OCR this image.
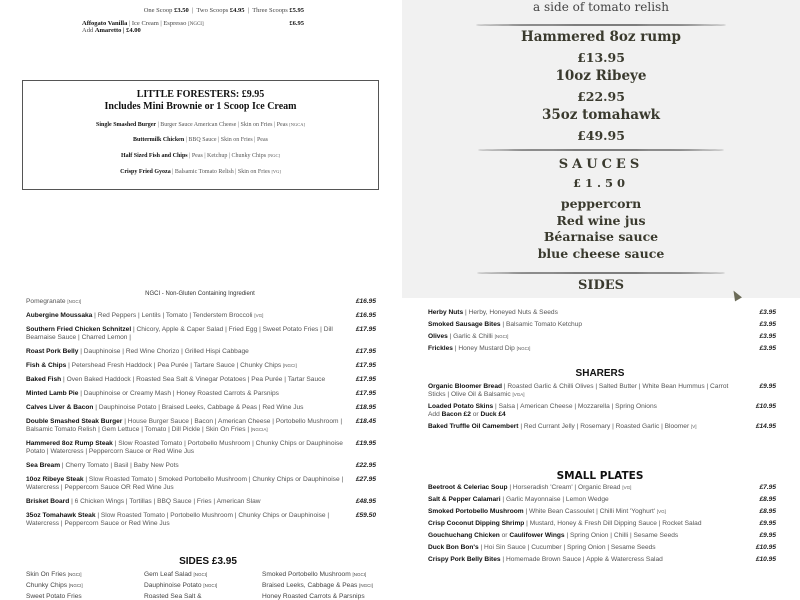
One Scoop £3.50  |  Two Scoops £4.95  |  Three Scoops £5.95
Affogato Vanilla | Ice Cream | Espresso [NGCI]	£6.95
Add Amaretto | £4.00
LITTLE FORESTERS: £9.95
Includes Mini Brownie or 1 Scoop Ice Cream
Single Smashed Burger | Burger Sauce American Cheese | Skin on Fries | Peas [NGCA]
Buttermilk Chicken | BBQ Sauce | Skin on Fries | Peas
Half Sized Fish and Chips | Peas | Ketchup | Chunky Chips [NGC]
Crispy Fried Gyoza | Balsamic Tomato Relish | Skin on Fries [VG]
a side of tomato relish
Hammered 8oz rump
£13.95
10oz Ribeye
£22.95
35oz tomahawk
£49.95
SAUCES
£1.50
peppercorn
Red wine jus
Béarnaise sauce
blue cheese sauce
SIDES
NGCI - Non-Gluten Containing Ingredient
Pomegranate [NGCI]	£16.95
Aubergine Moussaka | Red Peppers | Lentils | Tomato | Tenderstem Broccoli [VG]	£16.95
Southern Fried Chicken Schnitzel | Chicory, Apple & Caper Salad | Fried Egg | Sweet Potato Fries | Dill Bearnaise Sauce | Charred Lemon |
£17.95
Roast Pork Belly | Dauphinoise | Red Wine Chorizo | Grilled Hispi Cabbage	£17.95
Fish & Chips | Petershead Fresh Haddock | Pea Purée | Tartare Sauce | Chunky Chips [NGCI]	£17.95
Baked Fish | Oven Baked Haddock | Roasted Sea Salt & Vinegar Potatoes | Pea Purée | Tartar Sauce	£17.95
Minted Lamb Pie | Dauphinoise or Creamy Mash | Honey Roasted Carrots & Parsnips	£17.95
Calves Liver & Bacon | Dauphinoise Potato | Braised Leeks, Cabbage & Peas | Red Wine Jus	£18.95
Double Smashed Steak Burger | House Burger Sauce | Bacon | American Cheese | Portobello Mushroom | Balsamic Tomato Relish | Gem Lettuce | Tomato | Dill Pickle | Skin On Fries | [NGCIA]
£18.45
Hammered 8oz Rump Steak | Slow Roasted Tomato | Portobello Mushroom | Chunky Chips or Dauphinoise Potato | Watercress | Peppercorn Sauce or Red Wine Jus
£19.95
Sea Bream | Cherry Tomato | Basil | Baby New Pots	£22.95
10oz Ribeye Steak | Slow Roasted Tomato | Smoked Portobello Mushroom | Chunky Chips or Dauphinoise | Watercress | Peppercorn Sauce OR Red Wine Jus
£27.95
Brisket Board | 6 Chicken Wings | Tortillas | BBQ Sauce | Fries | American Slaw	£48.95
35oz Tomahawk Steak | Slow Roasted Tomato | Portobello Mushroom | Chunky Chips or Dauphinoise | Watercress | Peppercorn Sauce or Red Wine Jus
£59.50
SIDES £3.95
Skin On Fries [NGCI]	Gem Leaf Salad [NGCI]	Smoked Portobello Mushroom [NGCI]
Chunky Chips [NGCI]	Dauphinoise Potato [NGCI]	Braised Leeks, Cabbage & Peas [NGCI]
Sweet Potato Fries	Roasted Sea Salt &	Honey Roasted Carrots & Parsnips
Herby Nuts | Herby, Honeyed Nuts & Seeds	£3.95
Smoked Sausage Bites | Balsamic Tomato Ketchup	£3.95
Olives | Garlic & Chilli [NGCI]	£3.95
Frickles | Honey Mustard Dip [NGCI]	£3.95
SHARERS
Organic Bloomer Bread | Roasted Garlic & Chilli Olives | Salted Butter | White Bean Hummus | Carrot Sticks | Olive Oil & Balsamic [VGA]
£9.95
Loaded Potato Skins | Salsa | American Cheese | Mozzarella | Spring Onions
Add Bacon £2 or Duck £4
£10.95
Baked Truffle Oil Camembert | Red Currant Jelly | Rosemary | Roasted Garlic | Bloomer [V]	£14.95
SMALL PLATES
Beetroot & Celeriac Soup | Horseradish 'Cream' | Organic Bread [VG]	£7.95
Salt & Pepper Calamari | Garlic Mayonnaise | Lemon Wedge	£8.95
Smoked Portobello Mushroom | White Bean Cassoulet | Chilli Mint 'Yoghurt' [VG]	£8.95
Crisp Coconut Dipping Shrimp | Mustard, Honey & Fresh Dill Dipping Sauce | Rocket Salad	£9.95
Gouchuchang Chicken or Caulifower Wings | Spring Onion | Chilli | Sesame Seeds	£9.95
Duck Bon Bon's | Hoi Sin Sauce | Cucumber | Spring Onion | Sesame Seeds	£10.95
Crispy Pork Belly Bites | Homemade Brown Sauce | Apple & Watercress Salad	£10.95
